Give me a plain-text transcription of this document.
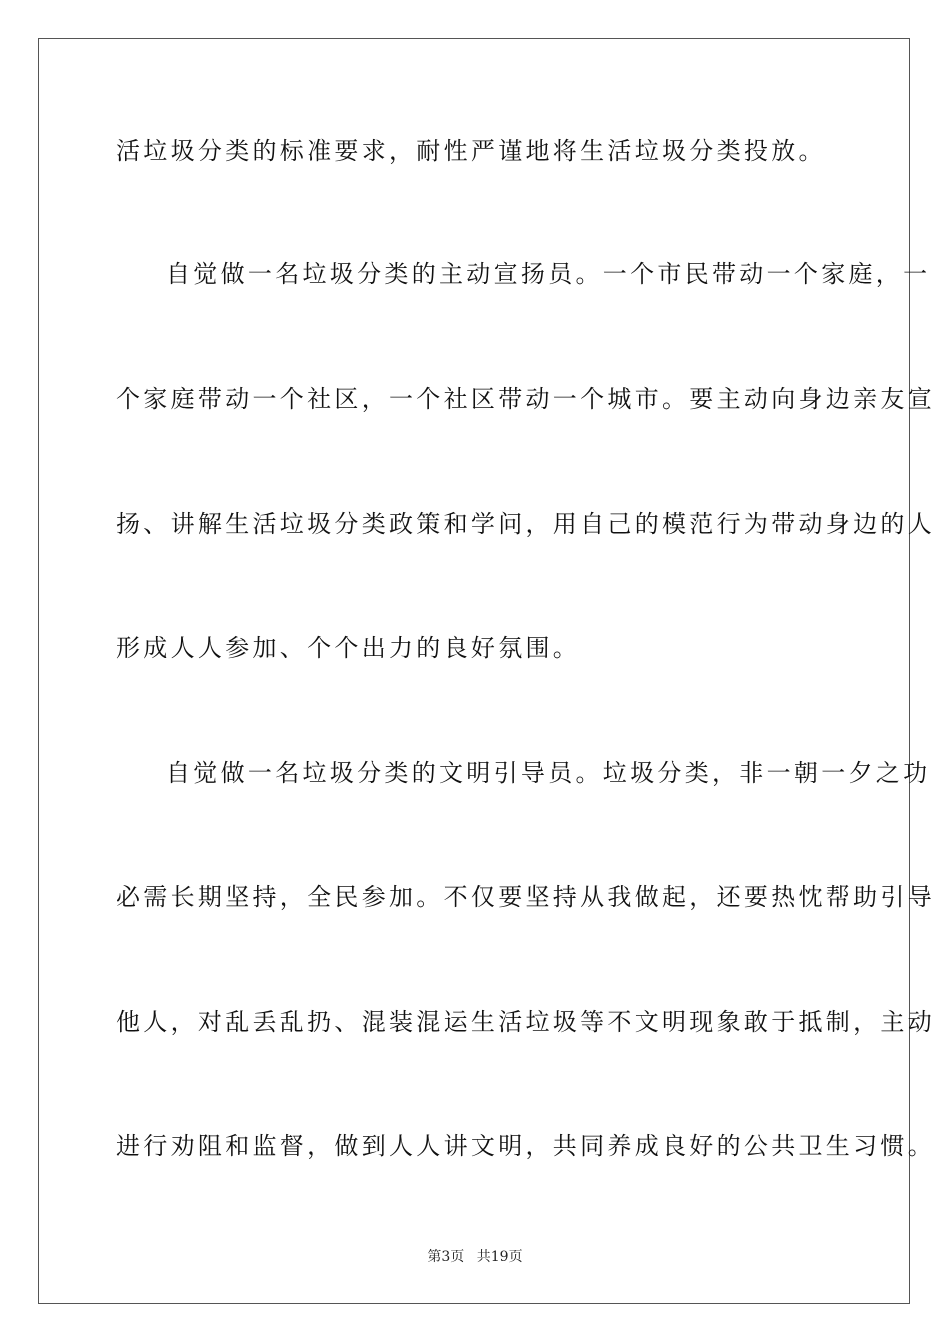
活垃圾分类的标准要求，耐性严谨地将生活垃圾分类投放。
自觉做一名垃圾分类的主动宣扬员。一个市民带动一个家庭，一
个家庭带动一个社区，一个社区带动一个城市。要主动向身边亲友宣
扬、讲解生活垃圾分类政策和学问，用自己的模范行为带动身边的人
形成人人参加、个个出力的良好氛围。
自觉做一名垃圾分类的文明引导员。垃圾分类，非一朝一夕之功
必需长期坚持，全民参加。不仅要坚持从我做起，还要热忱帮助引导
他人，对乱丢乱扔、混装混运生活垃圾等不文明现象敢于抵制，主动
进行劝阻和监督，做到人人讲文明，共同养成良好的公共卫生习惯。
第3页 共19页
